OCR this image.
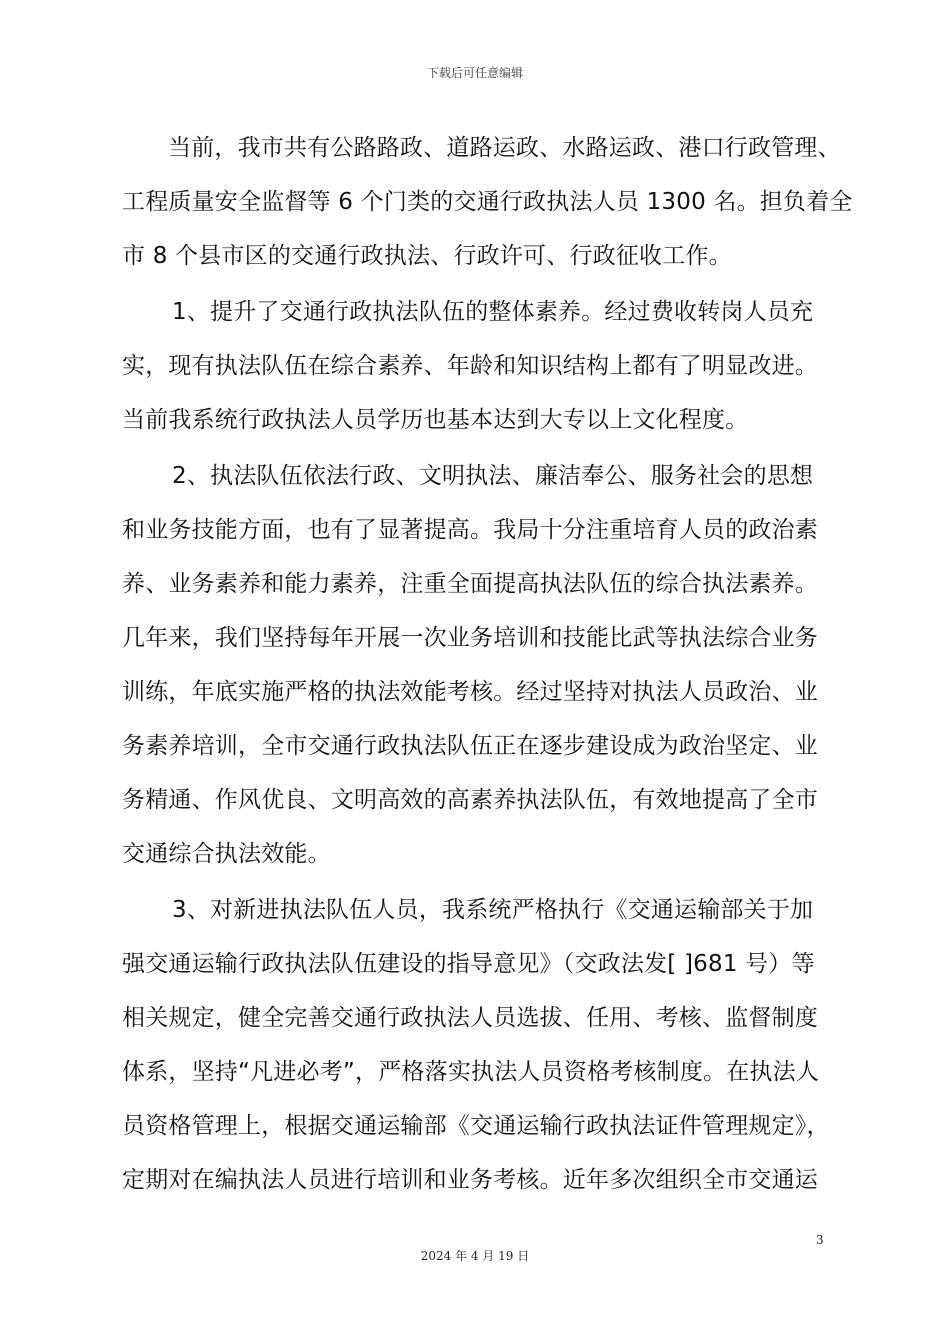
下载后可任意编辑
当前，我市共有公路路政、道路运政、水路运政、港口行政管理、
工程质量安全监督等 6 个门类的交通行政执法人员 1300 名。担负着全
市 8 个县市区的交通行政执法、行政许可、行政征收工作。
1、提升了交通行政执法队伍的整体素养。经过费收转岗人员充
实，现有执法队伍在综合素养、年龄和知识结构上都有了明显改进。
当前我系统行政执法人员学历也基本达到大专以上文化程度。
2、执法队伍依法行政、文明执法、廉洁奉公、服务社会的思想
和业务技能方面，也有了显著提高。我局十分注重培育人员的政治素
养、业务素养和能力素养，注重全面提高执法队伍的综合执法素养。
几年来，我们坚持每年开展一次业务培训和技能比武等执法综合业务
训练，年底实施严格的执法效能考核。经过坚持对执法人员政治、业
务素养培训，全市交通行政执法队伍正在逐步建设成为政治坚定、业
务精通、作风优良、文明高效的高素养执法队伍，有效地提高了全市
交通综合执法效能。
3、对新进执法队伍人员，我系统严格执行《交通运输部关于加
强交通运输行政执法队伍建设的指导意见》（交政法发[ ]681 号）等
相关规定，健全完善交通行政执法人员选拔、任用、考核、监督制度
体系，坚持“凡进必考”，严格落实执法人员资格考核制度。在执法人
员资格管理上，根据交通运输部《交通运输行政执法证件管理规定》，
定期对在编执法人员进行培训和业务考核。近年多次组织全市交通运
3
2024 年 4 月 19 日
